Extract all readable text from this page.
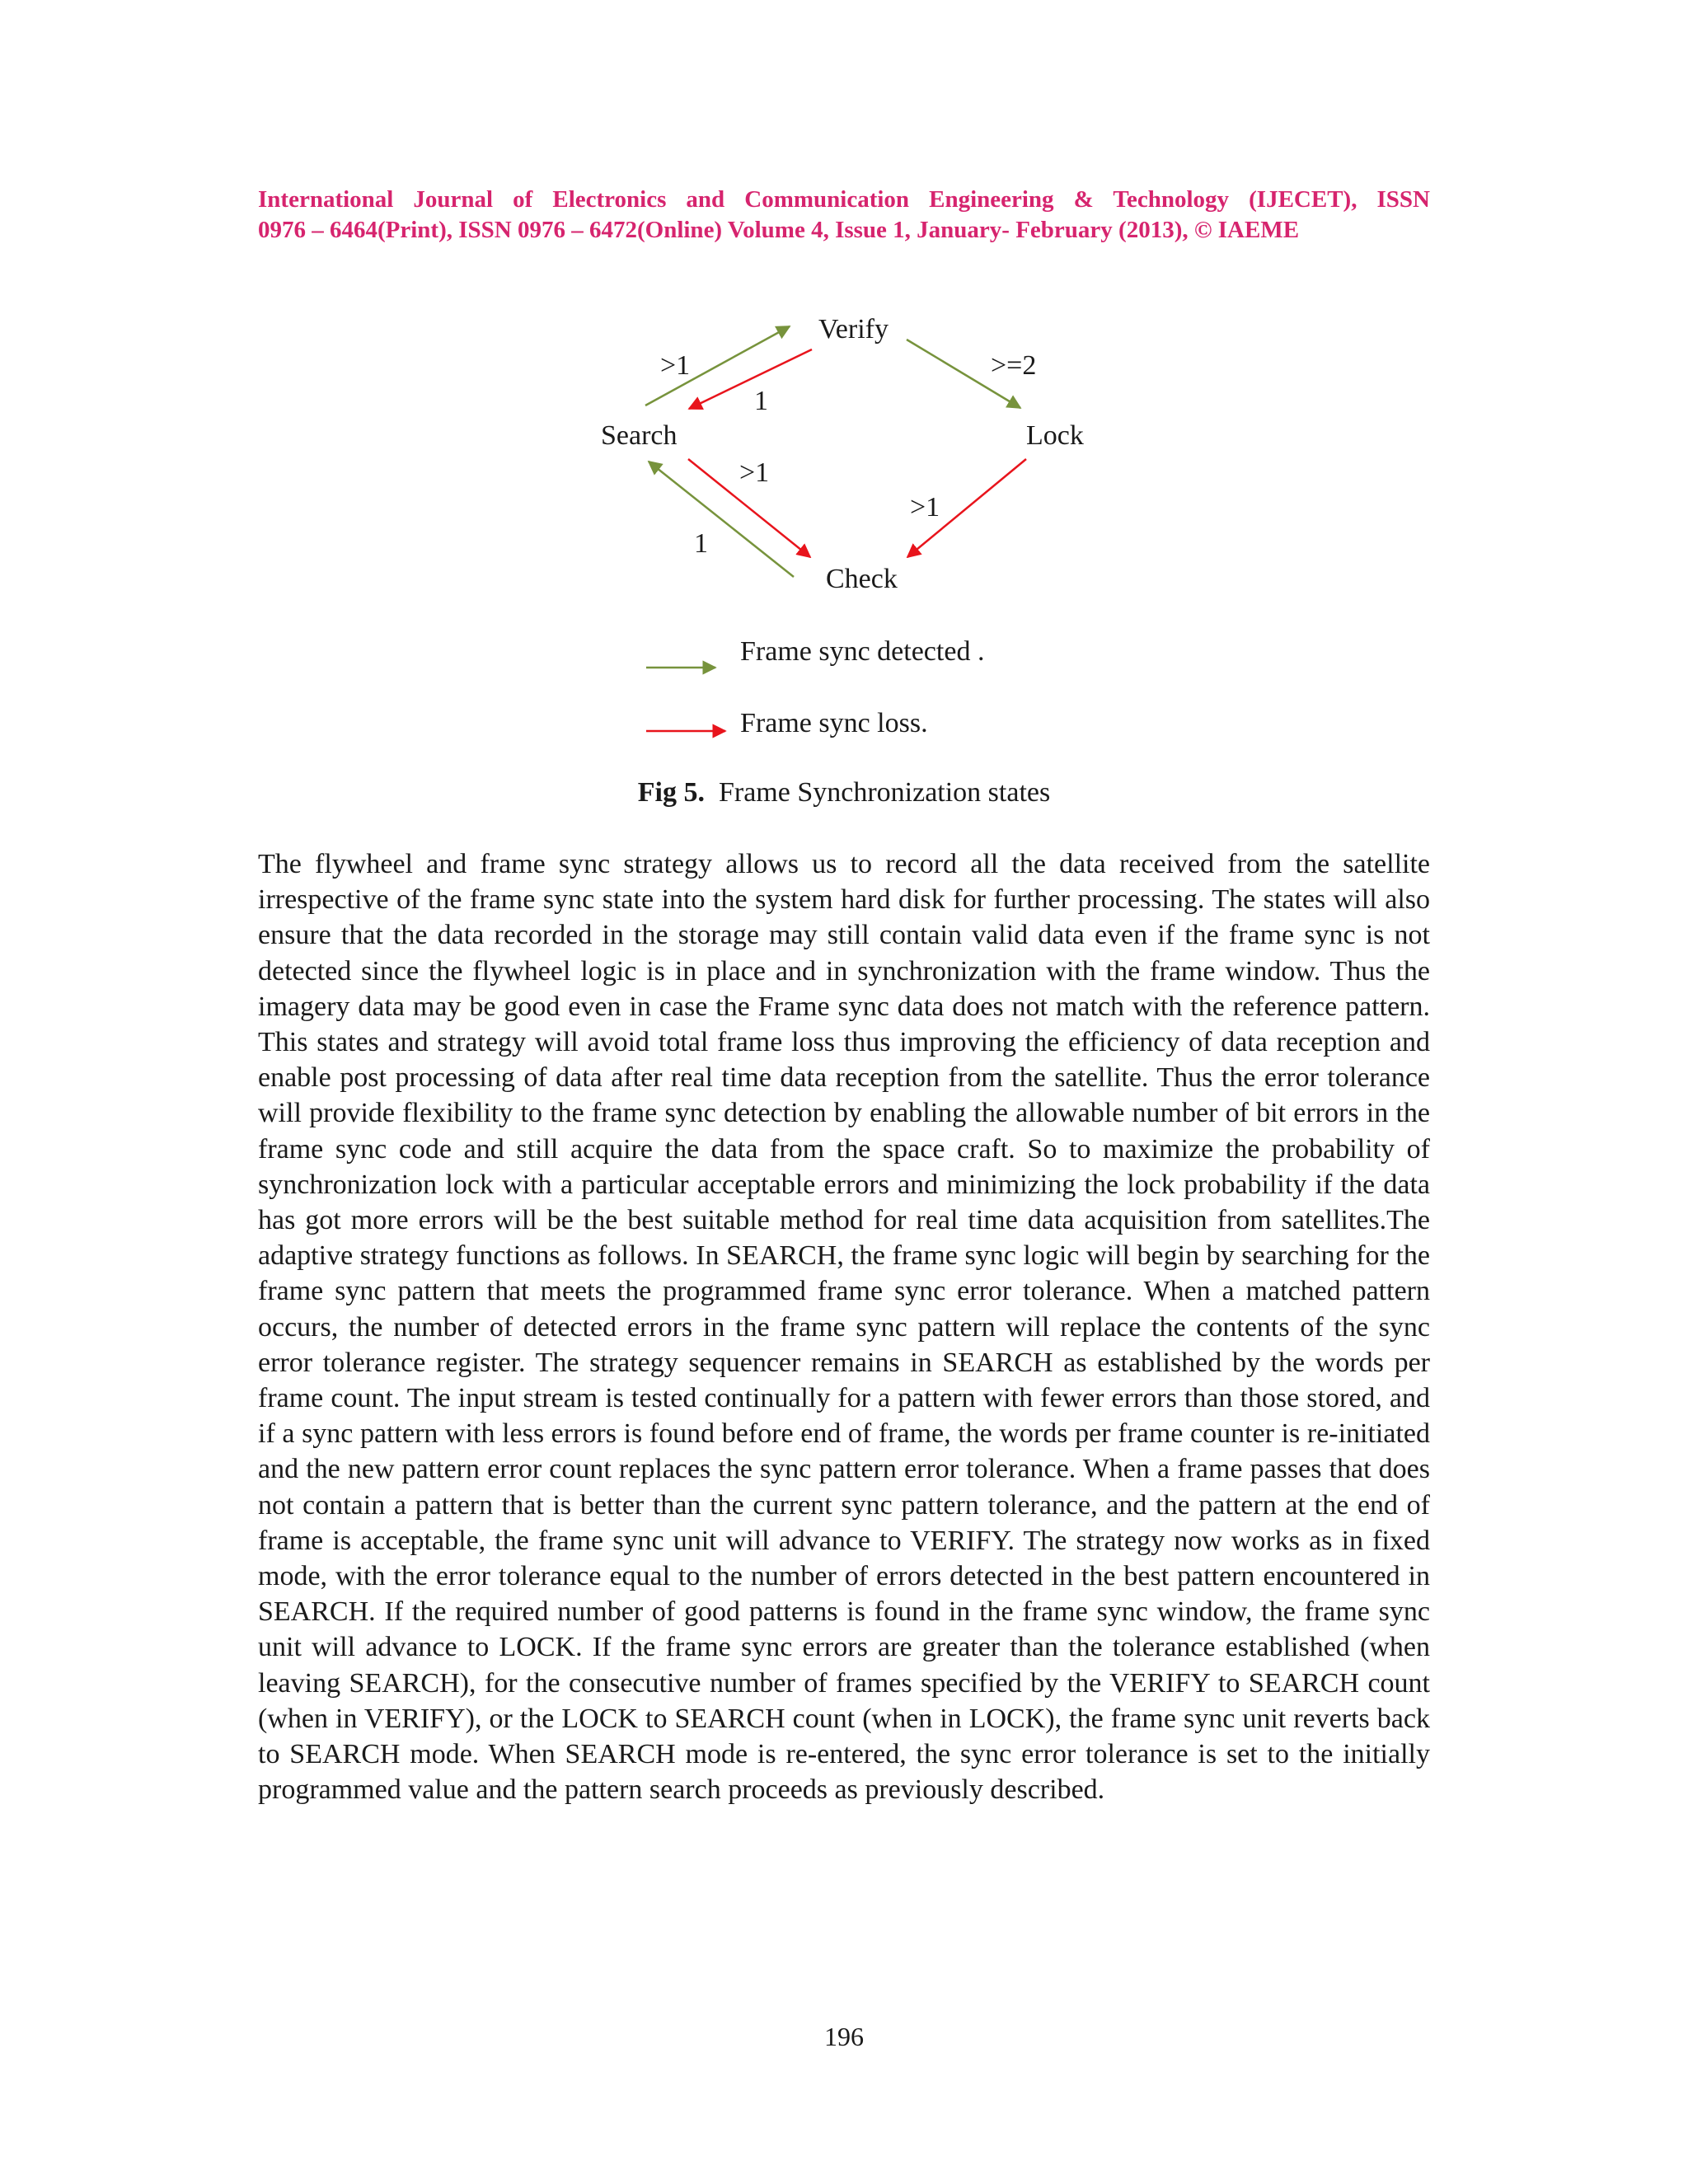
International Journal of Electronics and Communication Engineering & Technology (IJECET), ISSN
0976 – 6464(Print), ISSN 0976 – 6472(Online) Volume 4, Issue 1, January- February (2013), © IAEME
Verify
Search	Lock
Check
>1
1
>=2
>1
>1
1
Frame sync detected .
Frame sync loss.
Fig 5. Frame Synchronization states
The flywheel and frame sync strategy allows us to record all the data received from the satellite irrespective of the frame sync state into the system hard disk for further processing. The states will also ensure that the data recorded in the storage may still contain valid data even if the frame sync is not detected since the flywheel logic is in place and in synchronization with the frame window. Thus the imagery data may be good even in case the Frame sync data does not match with the reference pattern. This states and strategy will avoid total frame loss thus improving the efficiency of data reception and enable post processing of data after real time data reception from the satellite. Thus the error tolerance will provide flexibility to the frame sync detection by enabling the allowable number of bit errors in the frame sync code and still acquire the data from the space craft. So to maximize the probability of synchronization lock with a particular acceptable errors and minimizing the lock probability if the data has got more errors will be the best suitable method for real time data acquisition from satellites.The adaptive strategy functions as follows. In SEARCH, the frame sync logic will begin by searching for the frame sync pattern that meets the programmed frame sync error tolerance. When a matched pattern occurs, the number of detected errors in the frame sync pattern will replace the contents of the sync error tolerance register. The strategy sequencer remains in SEARCH as established by the words per frame count. The input stream is tested continually for a pattern with fewer errors than those stored, and if a sync pattern with less errors is found before end of frame, the words per frame counter is re-initiated and the new pattern error count replaces the sync pattern error tolerance. When a frame passes that does not contain a pattern that is better than the current sync pattern tolerance, and the pattern at the end of frame is acceptable, the frame sync unit will advance to VERIFY. The strategy now works as in fixed mode, with the error tolerance equal to the number of errors detected in the best pattern encountered in SEARCH. If the required number of good patterns is found in the frame sync window, the frame sync unit will advance to LOCK. If the frame sync errors are greater than the tolerance established (when leaving SEARCH), for the consecutive number of frames specified by the VERIFY to SEARCH count (when in VERIFY), or the LOCK to SEARCH count (when in LOCK), the frame sync unit reverts back to SEARCH mode. When SEARCH mode is re-entered, the sync error tolerance is set to the initially programmed value and the pattern search proceeds as previously described.
196
